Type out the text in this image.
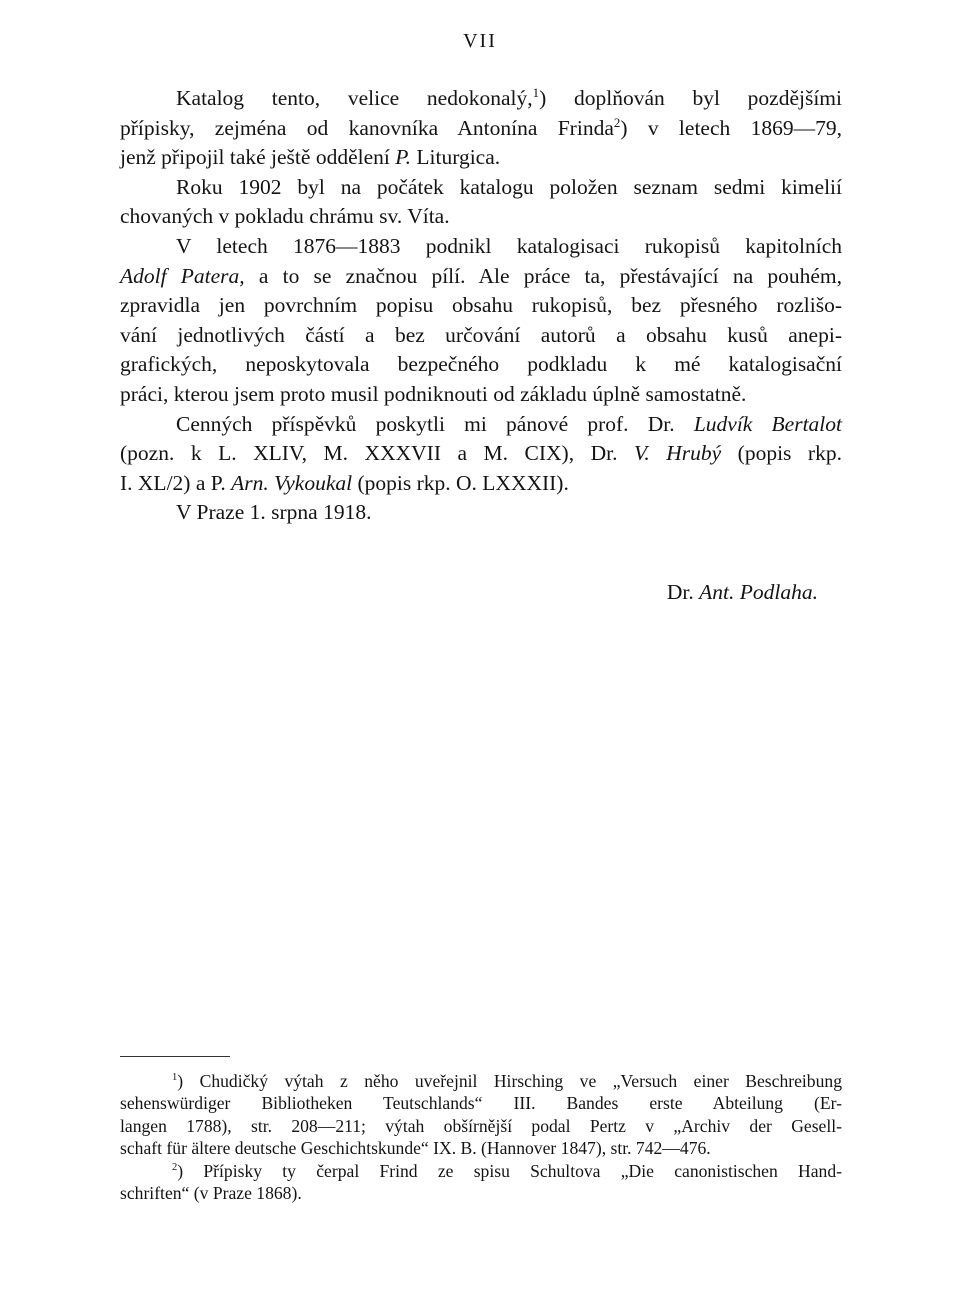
VII
Katalog tento, velice nedokonalý,$^1$) doplňován byl pozdějšími
přípisky, zejména od kanovníka Antonína Frinda$^2$) v letech 1869—79,
jenž připojil také ještě oddělení P. Liturgica.
Roku 1902 byl na počátek katalogu položen seznam sedmi kimelií
chovaných v pokladu chrámu sv. Víta.
V letech 1876—1883 podnikl katalogisaci rukopisů kapitolních
Adolf Patera, a to se značnou pílí. Ale práce ta, přestávající na pouhém,
zpravidla jen povrchním popisu obsahu rukopisů, bez přesného rozlišo-
vání jednotlivých částí a bez určování autorů a obsahu kusů anepi-
grafických, neposkytovala bezpečného podkladu k mé katalogisační
práci, kterou jsem proto musil podniknouti od základu úplně samostatně.
Cenných příspěvků poskytli mi pánové prof. Dr. Ludvík Bertalot
(pozn. k L. XLIV, M. XXXVII a M. CIX), Dr. V. Hrubý (popis rkp.
I. XL/2) a P. Arn. Vykoukal (popis rkp. O. LXXXII).
V Praze 1. srpna 1918.
Dr. Ant. Podlaha.
$^1$) Chudičký výtah z něho uveřejnil Hirsching ve „Versuch einer Beschreibung
sehenswürdiger Bibliotheken Teutschlands“ III. Bandes erste Abteilung (Er-
langen 1788), str. 208—211; výtah obšírnější podal Pertz v „Archiv der Gesell-
schaft für ältere deutsche Geschichtskunde“ IX. B. (Hannover 1847), str. 742—476.
$^2$) Přípisky ty čerpal Frind ze spisu Schultova „Die canonistischen Hand-
schriften“ (v Praze 1868).
